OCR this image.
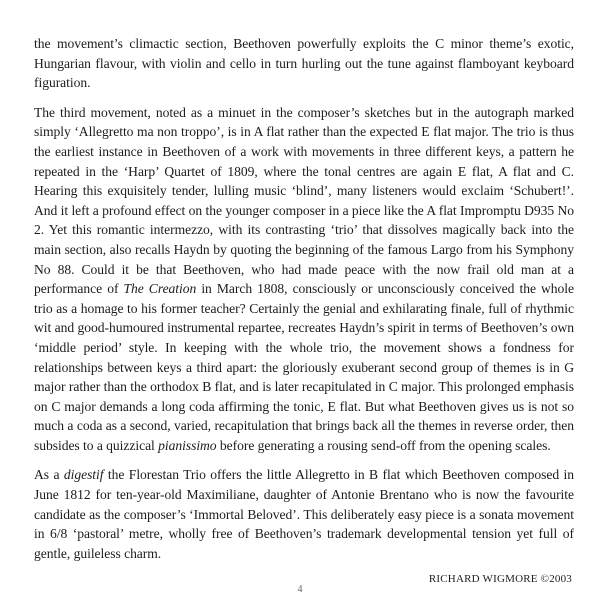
the movement’s climactic section, Beethoven powerfully exploits the C minor theme’s exotic, Hungarian flavour, with violin and cello in turn hurling out the tune against flamboyant keyboard figuration.

The third movement, noted as a minuet in the composer’s sketches but in the autograph marked simply ‘Allegretto ma non troppo’, is in A flat rather than the expected E flat major. The trio is thus the earliest instance in Beethoven of a work with movements in three different keys, a pattern he repeated in the ‘Harp’ Quartet of 1809, where the tonal centres are again E flat, A flat and C. Hearing this exquisitely tender, lulling music ‘blind’, many listeners would exclaim ‘Schubert!’. And it left a profound effect on the younger composer in a piece like the A flat Impromptu D935 No 2. Yet this romantic intermezzo, with its contrasting ‘trio’ that dissolves magically back into the main section, also recalls Haydn by quoting the beginning of the famous Largo from his Symphony No 88. Could it be that Beethoven, who had made peace with the now frail old man at a performance of The Creation in March 1808, consciously or unconsciously conceived the whole trio as a homage to his former teacher? Certainly the genial and exhilarating finale, full of rhythmic wit and good-humoured instrumental repartee, recreates Haydn’s spirit in terms of Beethoven’s own ‘middle period’ style. In keeping with the whole trio, the movement shows a fondness for relationships between keys a third apart: the gloriously exuberant second group of themes is in G major rather than the orthodox B flat, and is later recapitulated in C major. This prolonged emphasis on C major demands a long coda affirming the tonic, E flat. But what Beethoven gives us is not so much a coda as a second, varied, recapitulation that brings back all the themes in reverse order, then subsides to a quizzical pianissimo before generating a rousing send-off from the opening scales.

As a digestif the Florestan Trio offers the little Allegretto in B flat which Beethoven composed in June 1812 for ten-year-old Maximiliane, daughter of Antonie Brentano who is now the favourite candidate as the composer’s ‘Immortal Beloved’. This deliberately easy piece is a sonata movement in 6/8 ‘pastoral’ metre, wholly free of Beethoven’s trademark developmental tension yet full of gentle, guileless charm.

RICHARD WIGMORE ©2003
4
